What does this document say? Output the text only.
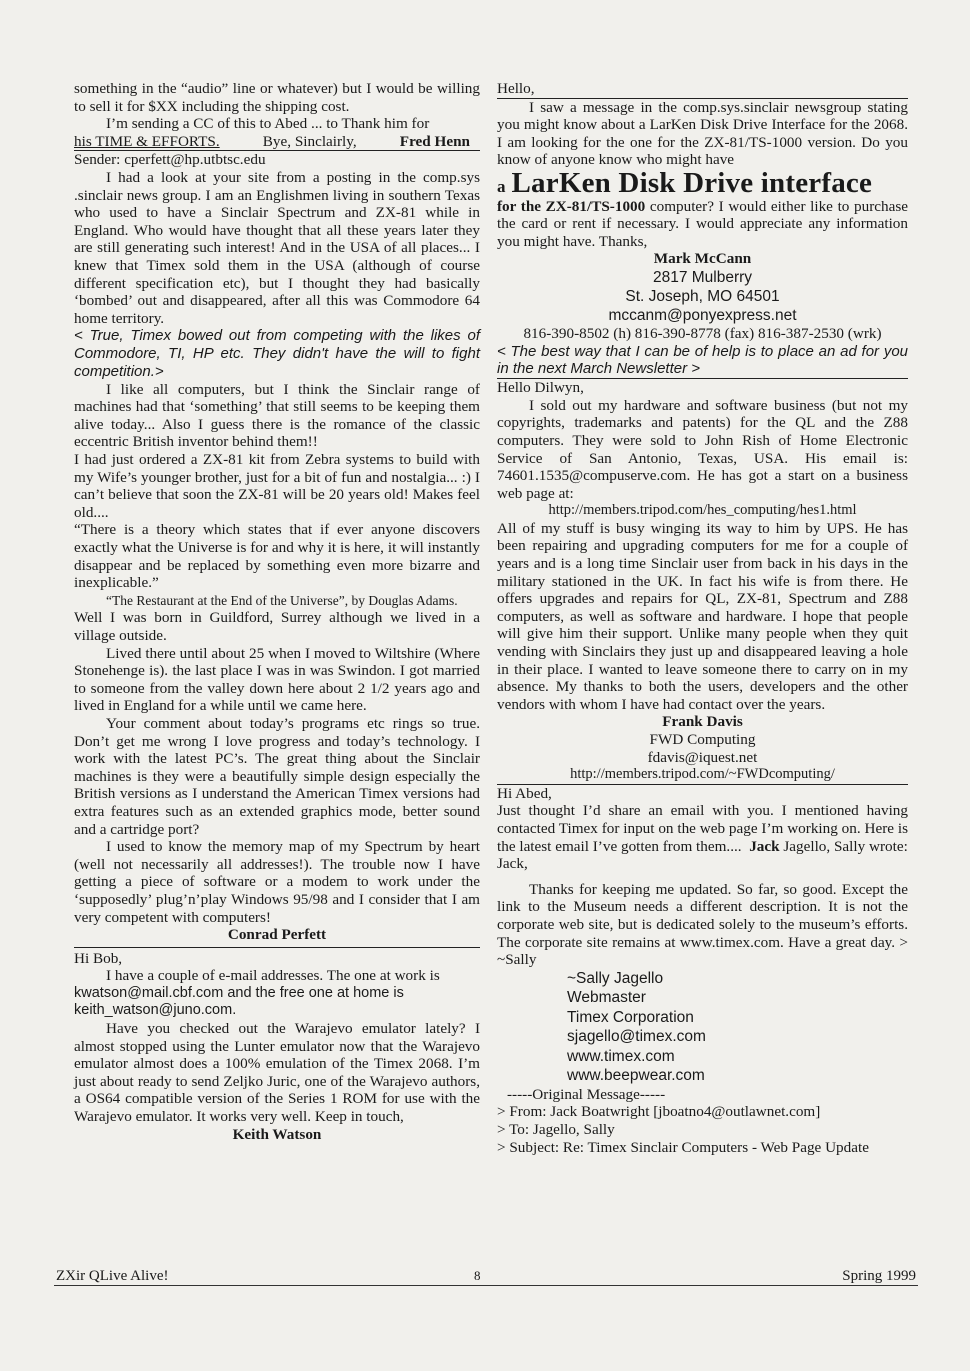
something in the “audio” line or whatever) but I would be willing to sell it for $XX including the shipping cost.

I’m sending a CC of this to Abed ... to Thank him for

his TIME & EFFORTS.	Bye, Sinclairly,	Fred Henn

Sender: cperfett@hp.utbtsc.edu

I had a look at your site from a posting in the comp.sys .sinclair news group. I am an Englishmen living in southern Texas who used to have a Sinclair Spectrum and ZX-81 while in England. Who would have thought that all these years later they are still generating such interest! And in the USA of all places... I knew that Timex sold them in the USA (although of course different specification etc), but I thought they had basically ‘bombed’ out and disappeared, after all this was Commodore 64 home territory.

< True, Timex bowed out from competing with the likes of Commodore, TI, HP etc. They didn't have the will to fight competition.>

I like all computers, but I think the Sinclair range of machines had that ‘something’ that still seems to be keeping them alive today... Also I guess there is the romance of the classic eccentric British inventor behind them!!

I had just ordered a ZX-81 kit from Zebra systems to build with my Wife’s younger brother, just for a bit of fun and nostalgia... :) I can’t believe that soon the ZX-81 will be 20 years old! Makes feel old....

“There is a theory which states that if ever anyone discovers exactly what the Universe is for and why it is here, it will instantly disappear and be replaced by something even more bizarre and inexplicable.”

“The Restaurant at the End of the Universe”, by Douglas Adams.

Well I was born in Guildford, Surrey although we lived in a village outside.

Lived there until about 25 when I moved to Wiltshire (Where Stonehenge is). the last place I was in was Swindon. I got married to someone from the valley down here about 2 1/2 years ago and lived in England for a while until we came here.

Your comment about today’s programs etc rings so true. Don’t get me wrong I love progress and today’s technology. I work with the latest PC’s. The great thing about the Sinclair machines is they were a beautifully simple design especially the British versions as I understand the American Timex versions had extra features such as an extended graphics mode, better sound and a cartridge port?

I used to know the memory map of my Spectrum by heart (well not necessarily all addresses!). The trouble now I have getting a piece of software or a modem to work under the ‘supposedly’ plug’n’play Windows 95/98 and I consider that I am very competent with computers!

Conrad Perfett

Hi Bob,

I have a couple of e-mail addresses. The one at work is

kwatson@mail.cbf.com and the free one at home is

keith_watson@juno.com.

Have you checked out the Warajevo emulator lately? I almost stopped using the Lunter emulator now that the Warajevo emulator almost does a 100% emulation of the Timex 2068. I’m just about ready to send Zeljko Juric, one of the Warajevo authors, a OS64 compatible version of the Series 1 ROM for use with the Warajevo emulator. It works very well. Keep in touch,

Keith Watson

Hello,

I saw a message in the comp.sys.sinclair newsgroup stating you might know about a LarKen Disk Drive Interface for the 2068. I am looking for the one for the ZX-81/TS-1000 version. Do you know of anyone know who might have

a LarKen Disk Drive interface

for the ZX-81/TS-1000 computer? I would either like to purchase the card or rent if necessary. I would appreciate any information you might have. Thanks,

Mark McCann
2817 Mulberry
St. Joseph, MO 64501
mccanm@ponyexpress.net

816-390-8502 (h) 816-390-8778 (fax) 816-387-2530 (wrk)

< The best way that I can be of help is to place an ad for you in the next March Newsletter >

Hello Dilwyn,

I sold out my hardware and software business (but not my copyrights, trademarks and patents) for the QL and the Z88 computers. They were sold to John Rish of Home Electronic Service of San Antonio, Texas, USA. His email is: 74601.1535@compuserve.com. He has got a start on a business web page at:

http://members.tripod.com/hes_computing/hes1.html

All of my stuff is busy winging its way to him by UPS. He has been repairing and upgrading computers for me for a couple of years and is a long time Sinclair user from back in his days in the military stationed in the UK. In fact his wife is from there. He offers upgrades and repairs for QL, ZX-81, Spectrum and Z88 computers, as well as software and hardware. I hope that people will give him their support. Unlike many people when they quit vending with Sinclairs they just up and disappeared leaving a hole in their place. I wanted to leave someone there to carry on in my absence. My thanks to both the users, developers and the other vendors with whom I have had contact over the years.

Frank Davis
FWD Computing
fdavis@iquest.net
http://members.tripod.com/~FWDcomputing/

Hi Abed,

Just thought I’d share an email with you. I mentioned having contacted Timex for input on the web page I’m working on. Here is the latest email I’ve gotten from them.... Jack Jagello, Sally wrote:

Jack,

Thanks for keeping me updated. So far, so good. Except the link to the Museum needs a different description. It is not the corporate web site, but is dedicated solely to the museum’s efforts. The corporate site remains at www.timex.com. Have a great day. > ~Sally

~Sally Jagello
Webmaster
Timex Corporation
sjagello@timex.com
www.timex.com
www.beepwear.com

-----Original Message-----

> From: Jack Boatwright [jboatno4@outlawnet.com]

> To: Jagello, Sally

> Subject: Re: Timex Sinclair Computers - Web Page Update

ZXir QLive Alive!	8	Spring 1999
